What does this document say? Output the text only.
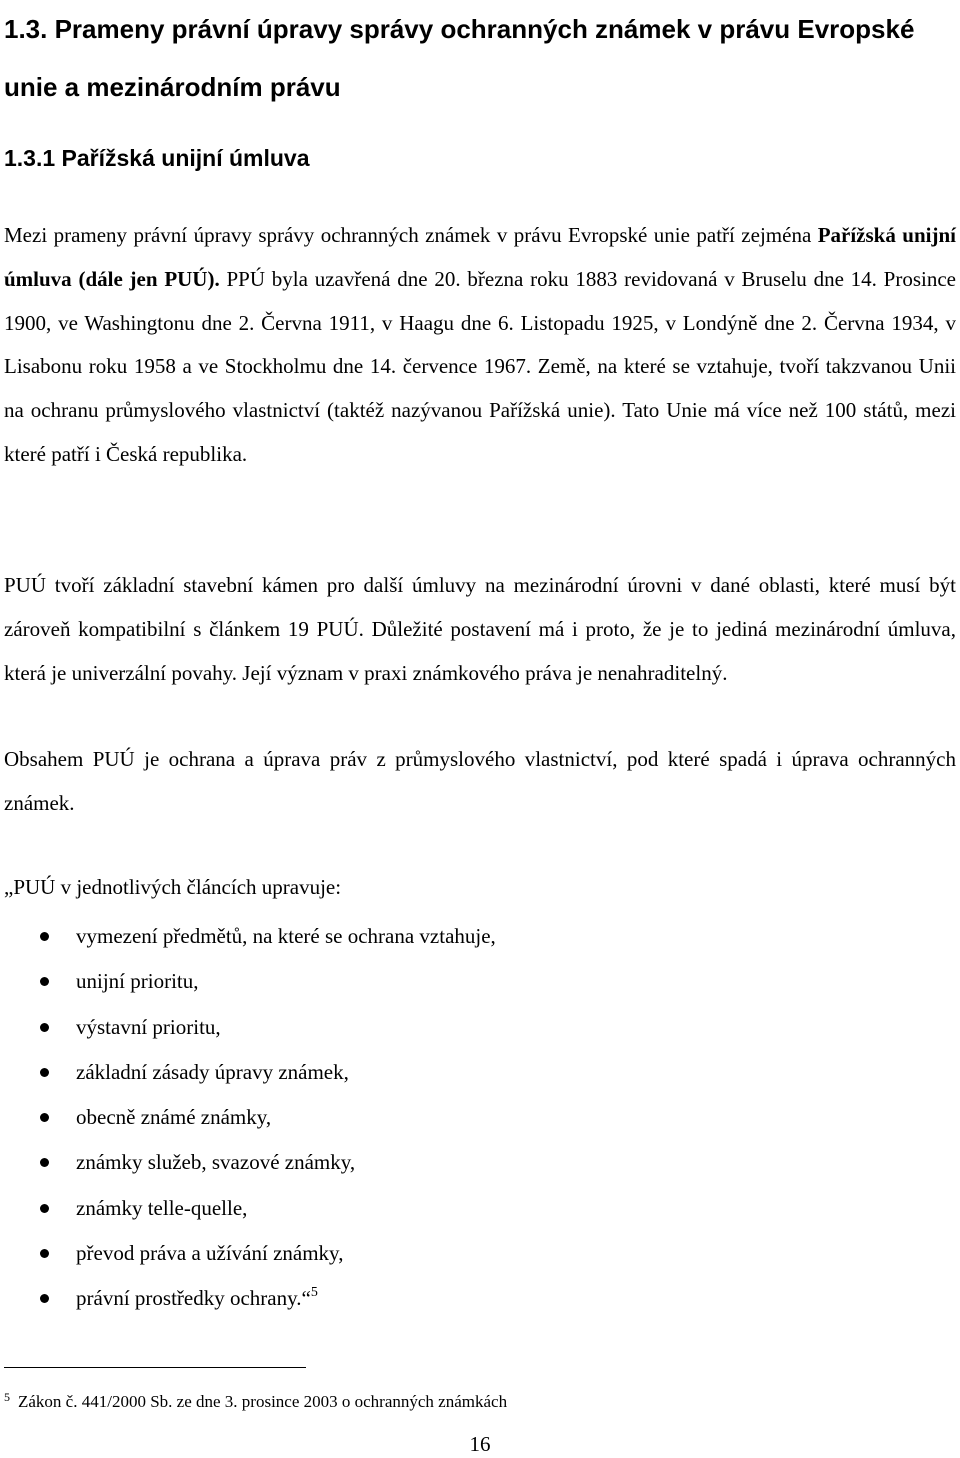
1.3. Prameny právní úpravy správy ochranných známek v právu Evropské unie a mezinárodním právu
1.3.1 Pařížská unijní úmluva

Mezi prameny právní úpravy správy ochranných známek v právu Evropské unie patří zejména Pařížská unijní úmluva (dále jen PUÚ). PPÚ byla uzavřená dne 20. března roku 1883 revidovaná v Bruselu dne 14. Prosince 1900, ve Washingtonu dne 2. Června 1911, v Haagu dne 6. Listopadu 1925, v Londýně dne 2. Června 1934, v Lisabonu roku 1958 a ve Stockholmu dne 14. července 1967. Země, na které se vztahuje, tvoří takzvanou Unii na ochranu průmyslového vlastnictví (taktéž nazývanou Pařížská unie). Tato Unie má více než 100 států, mezi které patří i Česká republika.

PUÚ tvoří základní stavební kámen pro další úmluvy na mezinárodní úrovni v dané oblasti, které musí být zároveň kompatibilní s článkem 19 PUÚ. Důležité postavení má i proto, že je to jediná mezinárodní úmluva, která je univerzální povahy. Její význam v praxi známkového práva je nenahraditelný.

Obsahem PUÚ je ochrana a úprava práv z průmyslového vlastnictví, pod které spadá i úprava ochranných známek.

„PUÚ v jednotlivých článcích upravuje:

vymezení předmětů, na které se ochrana vztahuje,
unijní prioritu,
výstavní prioritu,
základní zásady úpravy známek,
obecně známé známky,
známky služeb, svazové známky,
známky telle-quelle,
převod práva a užívání známky,
právní prostředky ochrany.“$^5$
$^5$ Zákon č. 441/2000 Sb. ze dne 3. prosince 2003 o ochranných známkách
16
